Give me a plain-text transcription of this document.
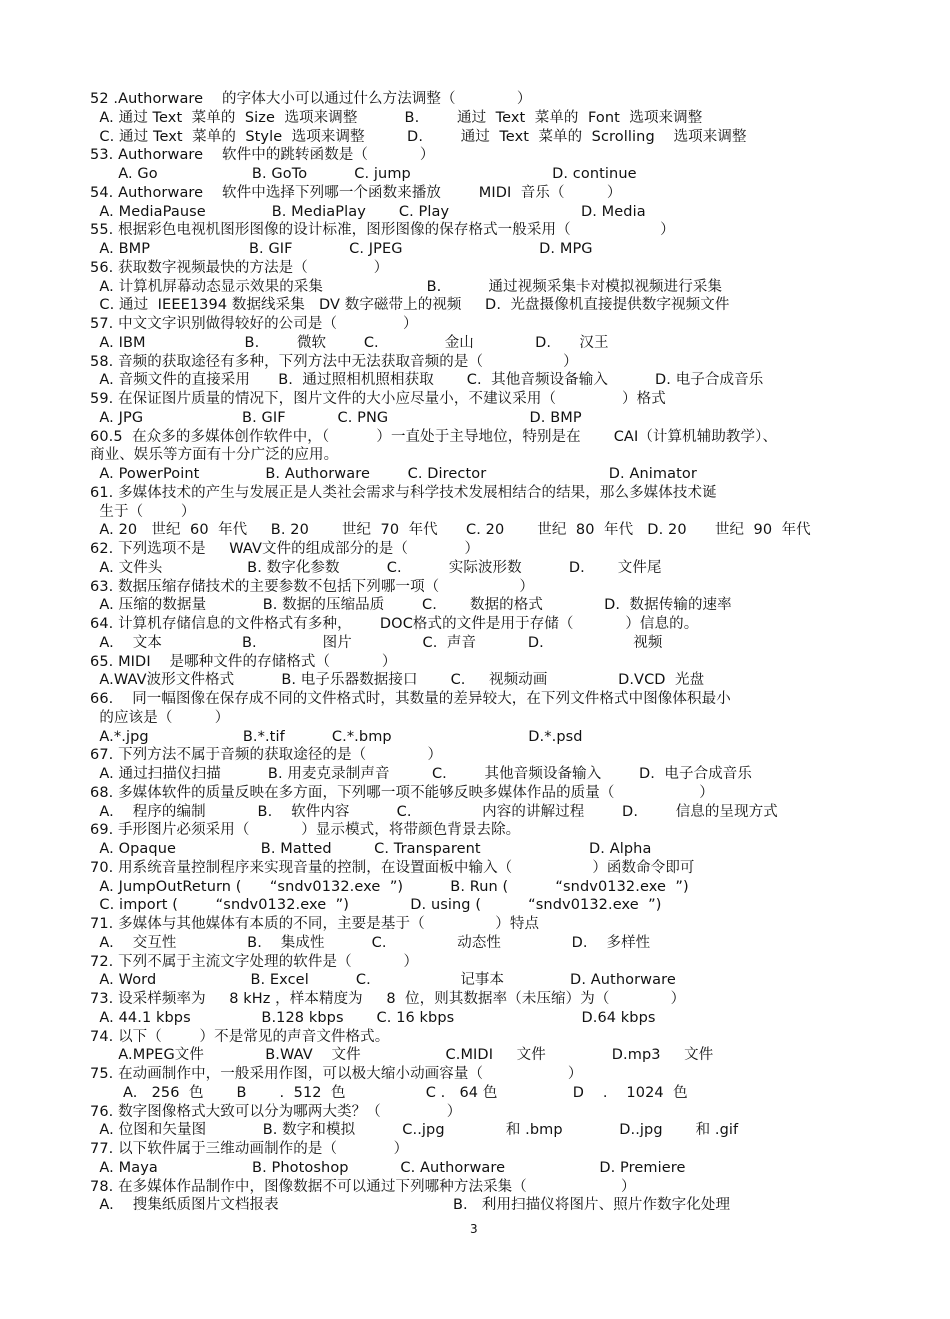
3
52 .Authorware    的字体大小可以通过什么方法调整（             ）
A. 通过 Text  菜单的  Size  选项来调整          B.        通过  Text  菜单的  Font  选项来调整
C. 通过 Text  菜单的  Style  选项来调整         D.        通过  Text  菜单的  Scrolling    选项来调整
53. Authorware    软件中的跳转函数是（           ）
A. Go                    B. GoTo          C. jump                              D. continue
54. Authorware    软件中选择下列哪一个函数来播放        MIDI  音乐（         ）
A. MediaPause              B. MediaPlay       C. Play                            D. Media
55. 根据彩色电视机图形图像的设计标准，图形图像的保存格式一般采用（                   ）
A. BMP                     B. GIF            C. JPEG                             D. MPG
56. 获取数字视频最快的方法是（              ）
A. 计算机屏幕动态显示效果的采集                      B.          通过视频采集卡对模拟视频进行采集
C. 通过  IEEE1394 数据线采集   DV 数字磁带上的视频     D.  光盘摄像机直接提供数字视频文件
57. 中文文字识别做得较好的公司是（              ）
A. IBM                     B.        微软        C.              金山             D.      汉王
58. 音频的获取途径有多种，下列方法中无法获取音频的是（                 ）
A. 音频文件的直接采用      B.  通过照相机照相获取       C.  其他音频设备输入          D. 电子合成音乐
59. 在保证图片质量的情况下，图片文件的大小应尽量小，不建议采用（              ）格式
A. JPG                     B. GIF           C. PNG                              D. BMP
60.5  在众多的多媒体创作软件中，（          ）一直处于主导地位，特别是在       CAI（计算机辅助教学）、
商业、娱乐等方面有十分广泛的应用。
A. PowerPoint              B. Authorware        C. Director                          D. Animator
61. 多媒体技术的产生与发展正是人类社会需求与科学技术发展相结合的结果，那么多媒体技术诞
生于（        ）
A. 20   世纪  60  年代     B. 20       世纪  70  年代      C. 20       世纪  80  年代   D. 20      世纪  90  年代
62. 下列选项不是     WAV文件的组成部分的是（            ）
A. 文件头                  B. 数字化参数          C.          实际波形数          D.       文件尾
63. 数据压缩存储技术的主要参数不包括下列哪一项（                 ）
A. 压缩的数据量            B. 数据的压缩品质        C.       数据的格式             D.  数据传输的速率
64. 计算机存储信息的文件格式有多种，      DOC格式的文件是用于存储（           ）信息的。
A.    文本                 B.              图片               C.  声音           D.                   视频
65. MIDI    是哪种文件的存储格式（           ）
A.WAV波形文件格式          B. 电子乐器数据接口       C.     视频动画               D.VCD  光盘
66.    同一幅图像在保存成不同的文件格式时，其数量的差异较大，在下列文件格式中图像体积最小
的应该是（         ）
A.*.jpg                    B.*.tif          C.*.bmp                             D.*.psd
67. 下列方法不属于音频的获取途径的是（             ）
A. 通过扫描仪扫描          B. 用麦克录制声音         C.        其他音频设备输入        D.  电子合成音乐
68. 多媒体软件的质量反映在多方面，下列哪一项不能够反映多媒体作品的质量（                  ）
A.    程序的编制           B.    软件内容          C.               内容的讲解过程        D.        信息的呈现方式
69. 手形图片必须采用（           ）显示模式，将带颜色背景去除。
A. Opaque                  B. Matted         C. Transparent                       D. Alpha
70. 用系统音量控制程序来实现音量的控制，在设置面板中输入（                 ）函数命令即可
A. JumpOutReturn (      “sndv0132.exe  ”)          B. Run (          “sndv0132.exe  ”)
C. import (        “sndv0132.exe  ”)             D. using (          “sndv0132.exe  ”)
71. 多媒体与其他媒体有本质的不同，主要是基于（               ）特点
A.    交互性               B.    集成性          C.               动态性               D.    多样性
72. 下列不属于主流文字处理的软件是（           ）
A. Word                    B. Excel          C.                   记事本              D. Authorware
73. 设采样频率为     8 kHz ，样本精度为     8  位，则其数据率（未压缩）为（             ）
A. 44.1 kbps               B.128 kbps       C. 16 kbps                           D.64 kbps
74. 以下（        ）不是常见的声音文件格式。
A.MPEG文件             B.WAV    文件                  C.MIDI     文件              D.mp3     文件
75. 在动画制作中，一般采用作图，可以极大缩小动画容量（                  ）
A.   256  色       B       .  512  色                 C .   64 色                D    .    1024  色
76. 数字图像格式大致可以分为哪两大类？（              ）
A. 位图和矢量图            B. 数字和模拟          C..jpg             和 .bmp            D..jpg       和 .gif
77. 以下软件属于三维动画制作的是（            ）
A. Maya                    B. Photoshop           C. Authorware                    D. Premiere
78. 在多媒体作品制作中，图像数据不可以通过下列哪种方法采集（                    ）
A.    搜集纸质图片文档报表                                     B.   利用扫描仪将图片、照片作数字化处理
